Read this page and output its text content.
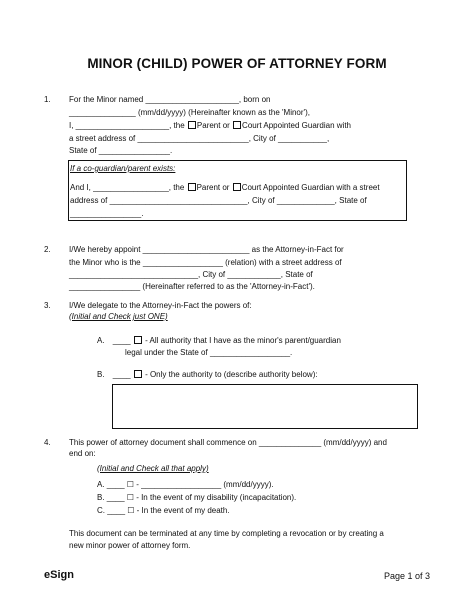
MINOR (CHILD) POWER OF ATTORNEY FORM
1. For the Minor named _____________________, born on
_______________ (mm/dd/yyyy) (Hereinafter known as the 'Minor'),
I, _____________________, the Parent or Court Appointed Guardian with
a street address of _________________________, City of ___________,
State of ________________.
If a co-guardian/parent exists:
And I, _________________, the Parent or Court Appointed Guardian with a street
address of _______________________________, City of _____________, State of
________________.
2. I/We hereby appoint ________________________ as the Attorney-in-Fact for
the Minor who is the __________________ (relation) with a street address of
_____________________________, City of ____________, State of
________________ (Hereinafter referred to as the 'Attorney-in-Fact').
3. I/We delegate to the Attorney-in-Fact the powers of:
(Initial and Check just ONE)
A. ____ - All authority that I have as the minor's parent/guardian
legal under the State of __________________.
B. ____ - Only the authority to (describe authority below):
4. This power of attorney document shall commence on ______________ (mm/dd/yyyy) and
end on:
(Initial and Check all that apply)
A. ____ ☐ - __________________ (mm/dd/yyyy).
B. ____ ☐ - In the event of my disability (incapacitation).
C. ____ ☐ - In the event of my death.
This document can be terminated at any time by completing a revocation or by creating a
new minor power of attorney form.
eSign	Page 1 of 3
